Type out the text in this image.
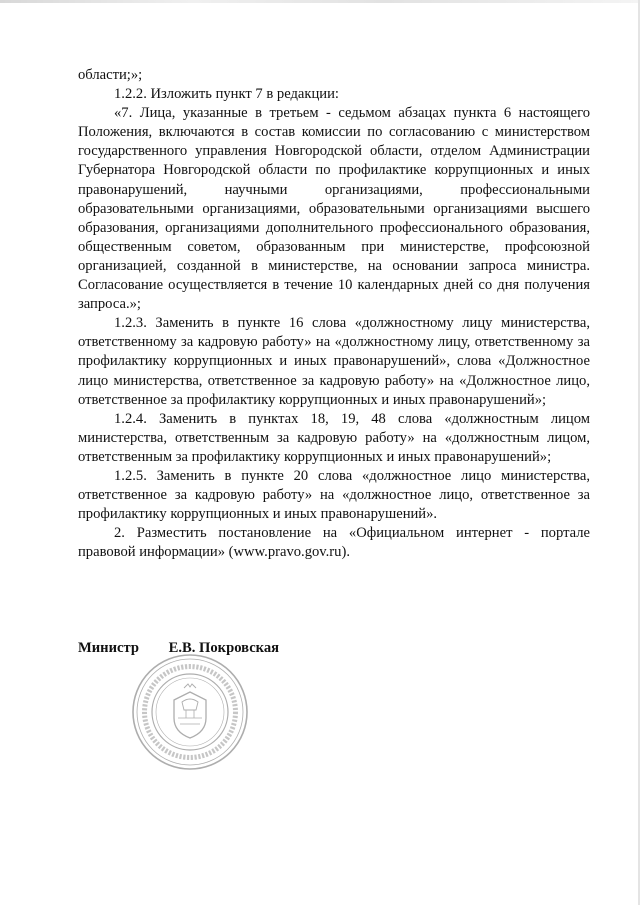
области;»;

1.2.2. Изложить пункт 7 в редакции:

«7. Лица, указанные в третьем - седьмом абзацах пункта 6 настоящего Положения, включаются в состав комиссии по согласованию с министерством государственного управления Новгородской области, отделом Администрации Губернатора Новгородской области по профилактике коррупционных и иных правонарушений, научными организациями, профессиональными образовательными организациями, образовательными организациями высшего образования, организациями дополнительного профессионального образования, общественным советом, образованным при министерстве, профсоюзной организацией, созданной в министерстве, на основании запроса министра. Согласование осуществляется в течение 10 календарных дней со дня получения запроса.»;

1.2.3. Заменить в пункте 16 слова «должностному лицу министерства, ответственному за кадровую работу» на «должностному лицу, ответственному за профилактику коррупционных и иных правонарушений», слова «Должностное лицо министерства, ответственное за кадровую работу» на «Должностное лицо, ответственное за профилактику коррупционных и иных правонарушений»;

1.2.4. Заменить в пунктах 18, 19, 48 слова «должностным лицом министерства, ответственным за кадровую работу» на «должностным лицом, ответственным за профилактику коррупционных и иных правонарушений»;

1.2.5. Заменить в пункте 20 слова «должностное лицо министерства, ответственное за кадровую работу» на «должностное лицо, ответственное за профилактику коррупционных и иных правонарушений».

2. Разместить постановление на «Официальном интернет - портале правовой информации» (www.pravo.gov.ru).

Министр Е.В. Покровская
